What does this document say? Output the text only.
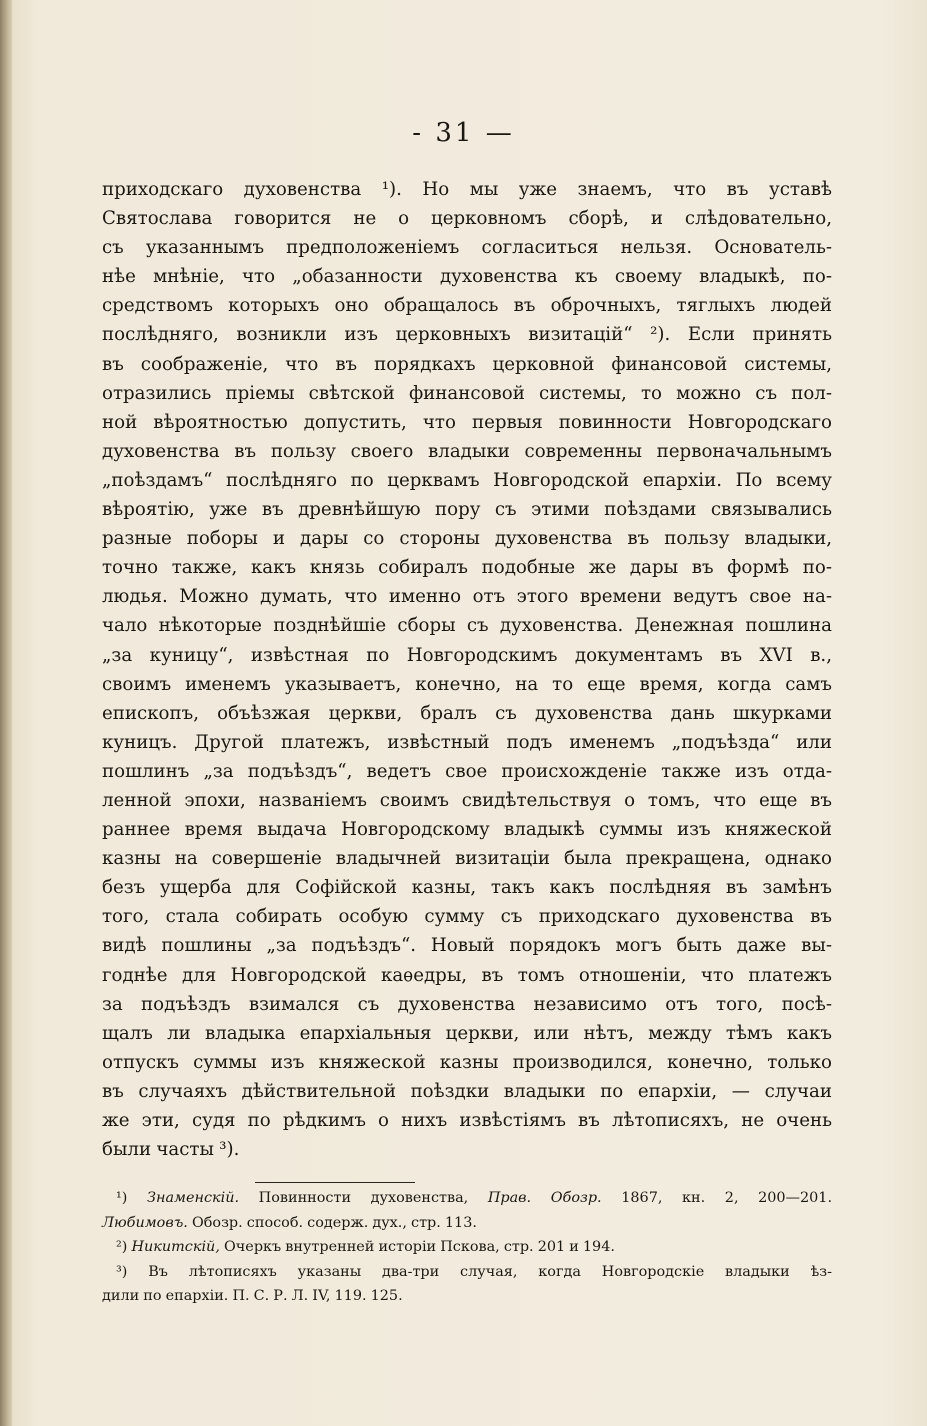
- 31 —
приходскаго духовенства ¹). Но мы уже знаемъ, что въ уставѣ
Святослава говорится не о церковномъ сборѣ, и слѣдовательно,
съ указаннымъ предположеніемъ согласиться нельзя. Основатель-
нѣе мнѣніе, что „обазанности духовенства къ своему владыкѣ, по-
средствомъ которыхъ оно обращалось въ оброчныхъ, тяглыхъ людей
послѣдняго, возникли изъ церковныхъ визитацій“ ²). Если принять
въ соображеніе, что въ порядкахъ церковной финансовой системы,
отразились пріемы свѣтской финансовой системы, то можно съ пол-
ной вѣроятностью допустить, что первыя повинности Новгородскаго
духовенства въ пользу своего владыки современны первоначальнымъ
„поѣздамъ“ послѣдняго по церквамъ Новгородской епархіи. По всему
вѣроятію, уже въ древнѣйшую пору съ этими поѣздами связывались
разные поборы и дары со стороны духовенства въ пользу владыки,
точно также, какъ князь собиралъ подобные же дары въ формѣ по-
людья. Можно думать, что именно отъ этого времени ведутъ свое на-
чало нѣкоторые позднѣйшіе сборы съ духовенства. Денежная пошлина
„за куницу“, извѣстная по Новгородскимъ документамъ въ XVI в.,
своимъ именемъ указываетъ, конечно, на то еще время, когда самъ
епископъ, объѣзжая церкви, бралъ съ духовенства дань шкурками
куницъ. Другой платежъ, извѣстный подъ именемъ „подъѣзда“ или
пошлинъ „за подъѣздъ“, ведетъ свое происхожденіе также изъ отда-
ленной эпохи, названіемъ своимъ свидѣтельствуя о томъ, что еще въ
раннее время выдача Новгородскому владыкѣ суммы изъ княжеской
казны на совершеніе владычней визитаціи была прекращена, однако
безъ ущерба для Софійской казны, такъ какъ послѣдняя въ замѣнъ
того, стала собирать особую сумму съ приходскаго духовенства въ
видѣ пошлины „за подъѣздъ“. Новый порядокъ могъ быть даже вы-
годнѣе для Новгородской каѳедры, въ томъ отношеніи, что платежъ
за подъѣздъ взимался съ духовенства независимо отъ того, посѣ-
щалъ ли владыка епархіальныя церкви, или нѣтъ, между тѣмъ какъ
отпускъ суммы изъ княжеской казны производился, конечно, только
въ случаяхъ дѣйствительной поѣздки владыки по епархіи, — случаи
же эти, судя по рѣдкимъ о нихъ извѣстіямъ въ лѣтописяхъ, не очень
были часты ³).
¹) Знаменскій. Повинности духовенства, Прав. Обозр. 1867, кн. 2, 200—201.
Любимовъ. Обозр. способ. содерж. дух., стр. 113.
²) Никитскій, Очеркъ внутренней исторіи Пскова, стр. 201 и 194.
³) Въ лѣтописяхъ указаны два-три случая, когда Новгородскіе владыки ѣз-
дили по епархіи. П. С. Р. Л. IV, 119. 125.
